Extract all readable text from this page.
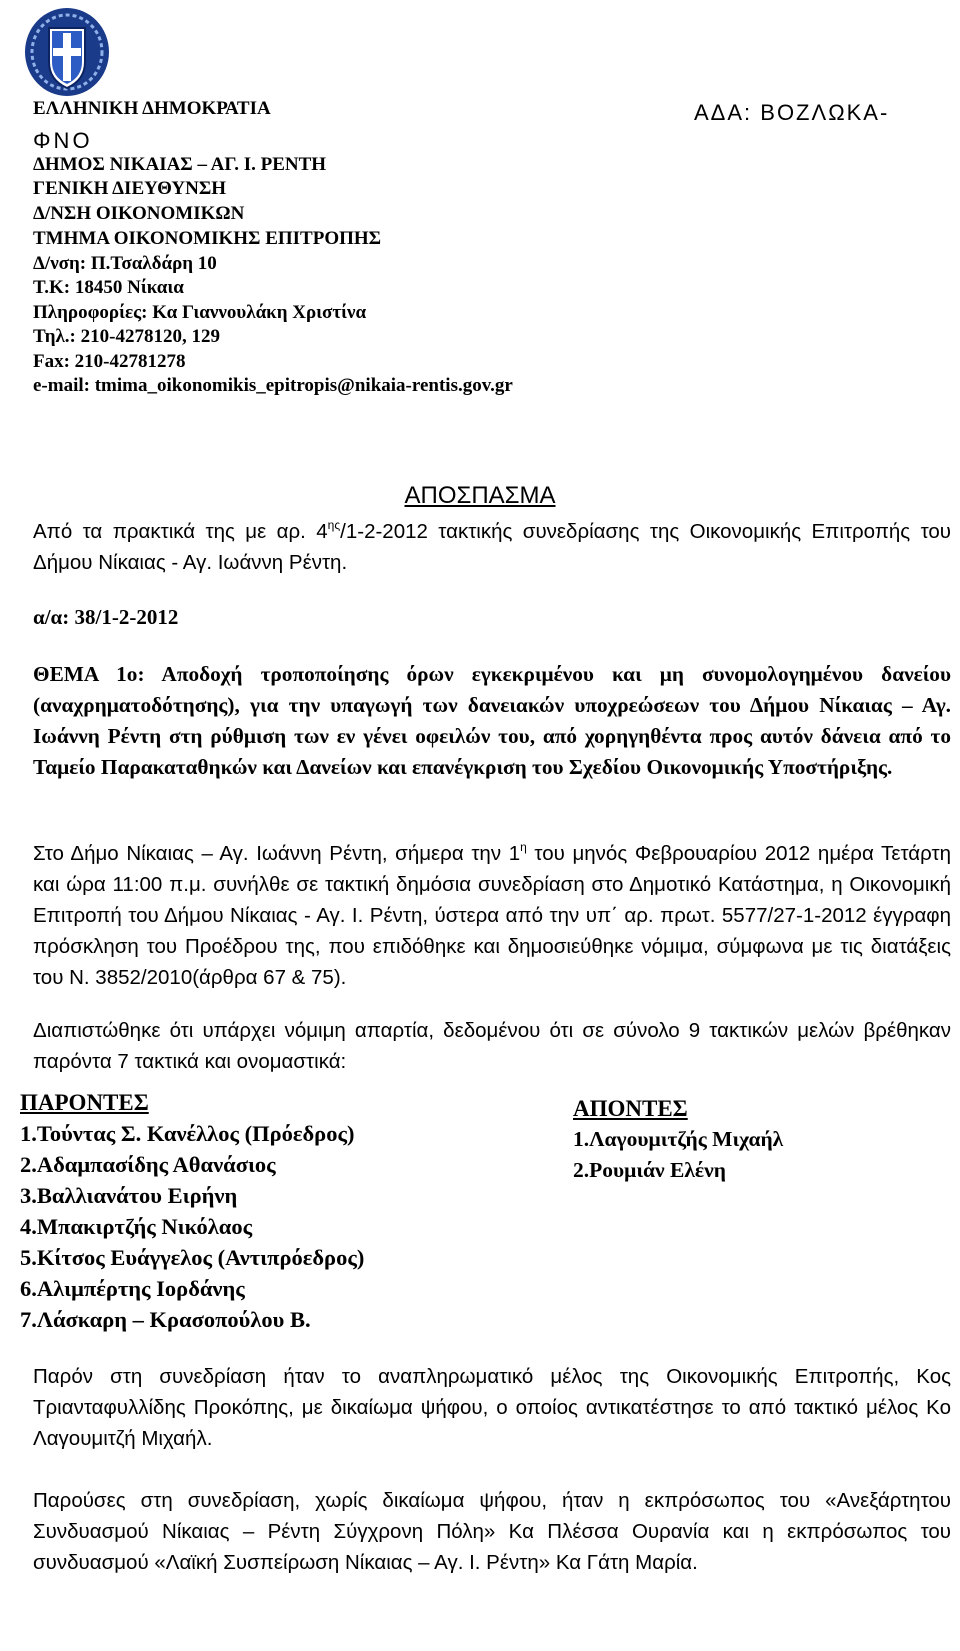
ΕΛΛΗΝΙΚΗ ΔΗΜΟΚΡΑΤΙΑ	ΑΔΑ: ΒΟΖΛΩΚΑ-
ΦΝΟ
ΔΗΜΟΣ ΝΙΚΑΙΑΣ – ΑΓ. Ι. ΡΕΝΤΗ
ΓΕΝΙΚΗ ΔΙΕΥΘΥΝΣΗ
Δ/ΝΣΗ ΟΙΚΟΝΟΜΙΚΩΝ
ΤΜΗΜΑ ΟΙΚΟΝΟΜΙΚΗΣ ΕΠΙΤΡΟΠΗΣ
Δ/νση: Π.Τσαλδάρη 10
Τ.Κ: 18450 Νίκαια
Πληροφορίες: Κα Γιαννουλάκη Χριστίνα
Τηλ.: 210-4278120, 129
Fax: 210-42781278
e-mail: tmima_oikonomikis_epitropis@nikaia-rentis.gov.gr
ΑΠΟΣΠΑΣΜΑ
Από τα πρακτικά της με αρ. $4^{\eta\varsigma}/1-2-2012$ τακτικής συνεδρίασης της Οικονομικής Επιτροπής του Δήμου Νίκαιας - Αγ. Ιωάννη Ρέντη.
α/α: 38/1-2-2012
ΘΕΜΑ 1ο: Αποδοχή τροποποίησης όρων εγκεκριμένου και μη συνομολογημένου δανείου (αναχρηματοδότησης), για την υπαγωγή των δανειακών υποχρεώσεων του Δήμου Νίκαιας – Αγ. Ιωάννη Ρέντη στη ρύθμιση των εν γένει οφειλών του, από χορηγηθέντα προς αυτόν δάνεια από το Ταμείο Παρακαταθηκών και Δανείων και επανέγκριση του Σχεδίου Οικονομικής Υποστήριξης.
Στο Δήμο Νίκαιας – Αγ. Ιωάννη Ρέντη, σήμερα την $1^\eta$ του μηνός Φεβρουαρίου 2012 ημέρα Τετάρτη και ώρα 11:00 π.μ. συνήλθε σε τακτική δημόσια συνεδρίαση στο Δημοτικό Κατάστημα, η Οικονομική Επιτροπή του Δήμου Νίκαιας - Αγ. Ι. Ρέντη, ύστερα από την υπ΄ αρ. πρωτ. 5577/27-1-2012 έγγραφη πρόσκληση του Προέδρου της, που επιδόθηκε και δημοσιεύθηκε νόμιμα, σύμφωνα με τις διατάξεις του Ν. 3852/2010(άρθρα 67 & 75).
Διαπιστώθηκε ότι υπάρχει νόμιμη απαρτία, δεδομένου ότι σε σύνολο 9 τακτικών μελών βρέθηκαν παρόντα 7 τακτικά και ονομαστικά:
ΠΑΡΟΝΤΕΣ
1.Τούντας Σ. Κανέλλος (Πρόεδρος)
2.Αδαμπασίδης Αθανάσιος
3.Βαλλιανάτου Ειρήνη
4.Μπακιρτζής Νικόλαος
5.Κίτσος Ευάγγελος (Αντιπρόεδρος)
6.Αλιμπέρτης Ιορδάνης
7.Λάσκαρη – Κρασοπούλου Β.
ΑΠΟΝΤΕΣ
1.Λαγουμιτζής Μιχαήλ
2.Ρουμιάν Ελένη
Παρόν στη συνεδρίαση ήταν το αναπληρωματικό μέλος της Οικονομικής Επιτροπής, Κος Τριανταφυλλίδης Προκόπης, με δικαίωμα ψήφου, ο οποίος αντικατέστησε το από τακτικό μέλος Κο Λαγουμιτζή Μιχαήλ.
Παρούσες στη συνεδρίαση, χωρίς δικαίωμα ψήφου, ήταν η εκπρόσωπος του «Ανεξάρτητου Συνδυασμού Νίκαιας – Ρέντη Σύγχρονη Πόλη» Κα Πλέσσα Ουρανία και η εκπρόσωπος του συνδυασμού «Λαϊκή Συσπείρωση Νίκαιας – Αγ. Ι. Ρέντη» Κα Γάτη Μαρία.
